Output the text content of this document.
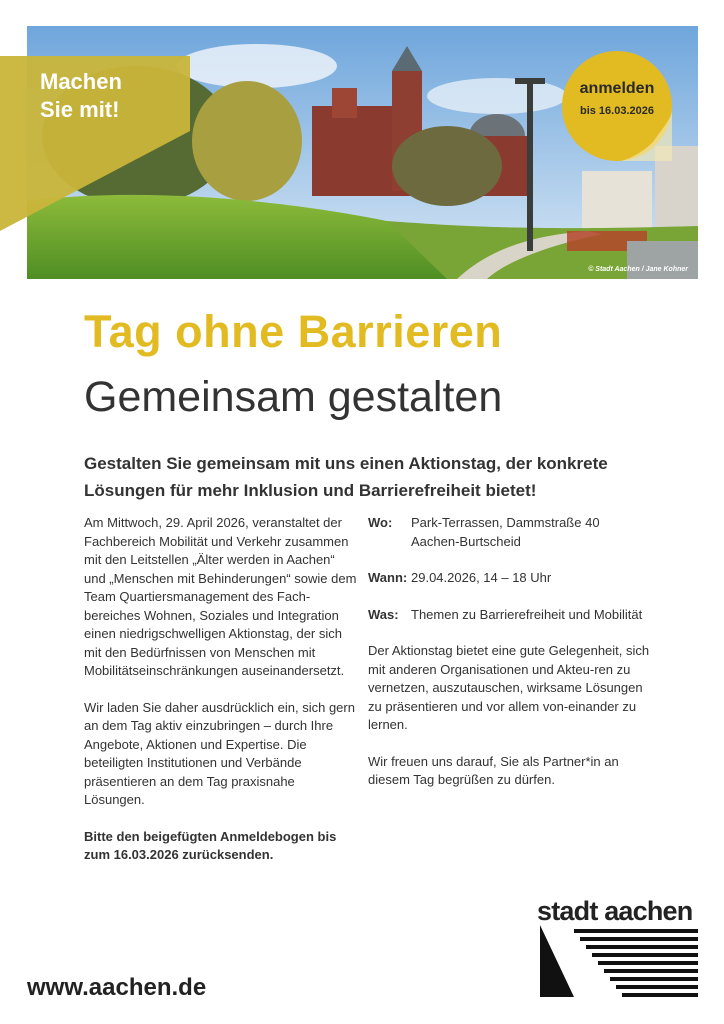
© Stadt Aachen / Jane Kohner
Machen
Sie mit!
anmelden
bis 16.03.2026
Tag ohne Barrieren
Gemeinsam gestalten
Gestalten Sie gemeinsam mit uns einen Aktionstag, der konkrete Lösungen für mehr Inklusion und Barrierefreiheit bietet!

Am Mittwoch, 29. April 2026, veranstaltet der Fachbereich Mobilität und Verkehr zusammen mit den Leitstellen „Älter werden in Aachen“ und „Menschen mit Behinderungen“ sowie dem Team Quartiersmanagement des Fach-bereiches Wohnen, Soziales und Integration einen niedrigschwelligen Aktionstag, der sich mit den Bedürfnissen von Menschen mit Mobilitätseinschränkungen auseinandersetzt.

Wir laden Sie daher ausdrücklich ein, sich gern an dem Tag aktiv einzubringen – durch Ihre Angebote, Aktionen und Expertise. Die beteiligten Institutionen und Verbände präsentieren an dem Tag praxisnahe Lösungen.

Bitte den beigefügten Anmeldebogen bis zum 16.03.2026 zurücksenden.

Wo:	Park-Terrassen, Dammstraße 40
Aachen-Burtscheid
Wann: 29.04.2026, 14 – 18 Uhr
Was: Themen zu Barrierefreiheit und Mobilität

Der Aktionstag bietet eine gute Gelegenheit, sich mit anderen Organisationen und Akteu-ren zu vernetzen, auszutauschen, wirksame Lösungen zu präsentieren und vor allem von-einander zu lernen.

Wir freuen uns darauf, Sie als Partner*in an diesem Tag begrüßen zu dürfen.

www.aachen.de
stadt aachen
